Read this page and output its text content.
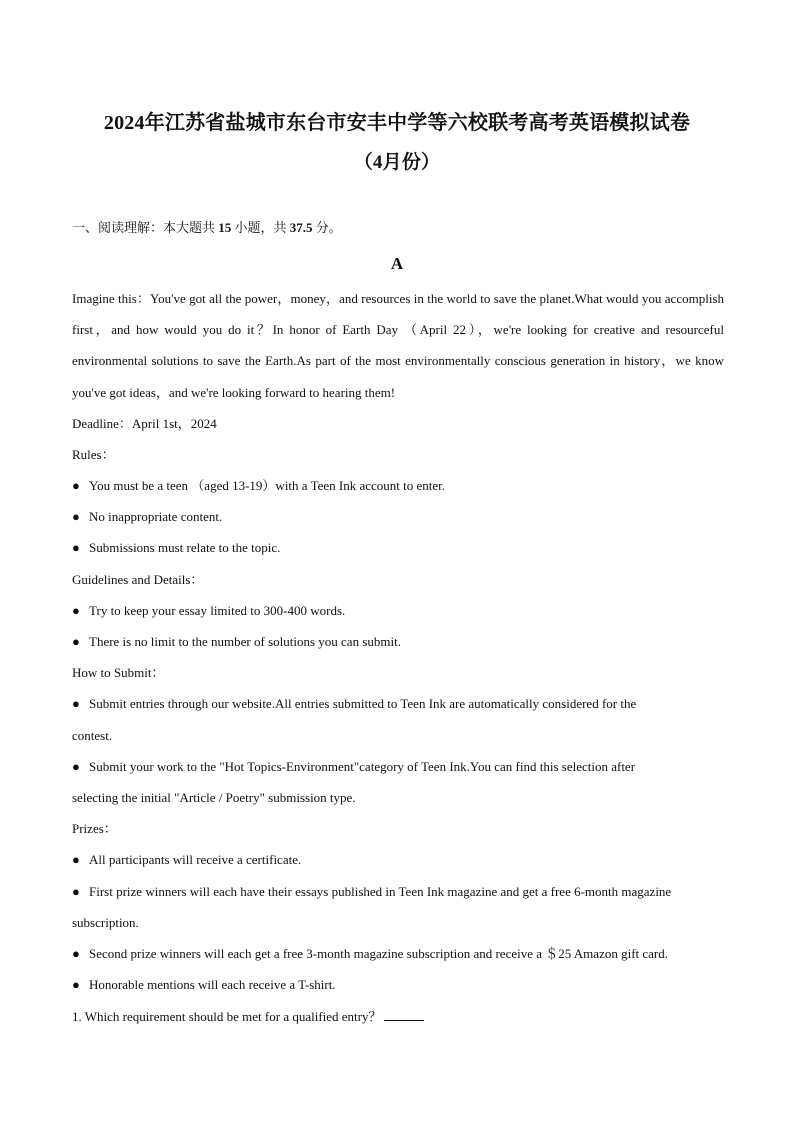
2024年江苏省盐城市东台市安丰中学等六校联考高考英语模拟试卷
（4月份）
一、阅读理解：本大题共 15 小题，共 37.5 分。
A
Imagine this：You've got all the power，money，and resources in the world to save the planet.What would you accomplish first，and how would you do it？In honor of Earth Day （April 22），we're looking for creative and resourceful environmental solutions to save the Earth.As part of the most environmentally conscious generation in history，we know you've got ideas，and we're looking forward to hearing them!
Deadline：April 1st，2024
Rules：
● You must be a teen （aged 13-19）with a Teen Ink account to enter.
● No inappropriate content.
● Submissions must relate to the topic.
Guidelines and Details：
● Try to keep your essay limited to 300-400 words.
● There is no limit to the number of solutions you can submit.
How to Submit：
● Submit entries through our website.All entries submitted to Teen Ink are automatically considered for the
contest.
● Submit your work to the "Hot Topics-Environment"category of Teen Ink.You can find this selection after
selecting the initial "Article / Poetry" submission type.
Prizes：
● All participants will receive a certificate.
● First prize winners will each have their essays published in Teen Ink magazine and get a free 6-month magazine
subscription.
● Second prize winners will each get a free 3-month magazine subscription and receive a ＄25 Amazon gift card.
● Honorable mentions will each receive a T-shirt.
1. Which requirement should be met for a qualified entry？
